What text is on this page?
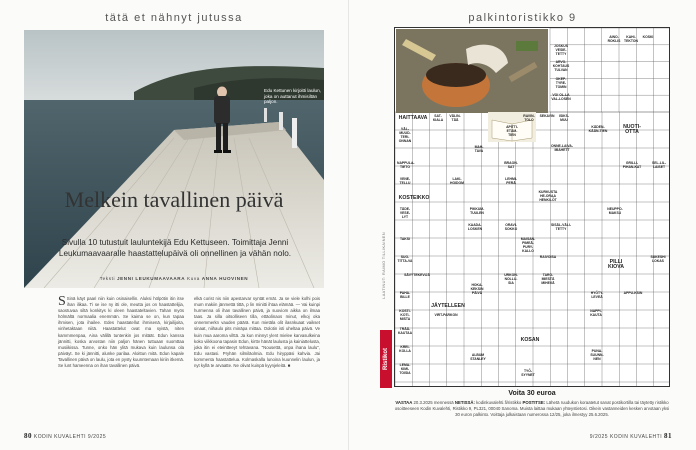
tätä et nähnyt jutussa
Edu Kettunen kirjoitti laulun, joka on auttanut ihmisiltän paljon.
Melkein tavallinen päivä
Sivulla 10 tutustuit lauluntekijä Edu Kettuseen. Toimittaja Jenni Leukumaavaaralle haastattelupäivä oli onnellinen ja vähän nolo.
Teksti JENNI LEUKUMAAVAARA Kuva ANNA HUOVINEN
S Sinä käyt paari niin kuin osinaisellin. Aluksi hölpötin itin itse ihan ilikaa. Ti se ise ny itti ole, meutta jos on haastattelijia, saostuvaa siltä konkitys ki oleen haastateltavien. Tahan myös hölmältä normaalia enemmän. Se kaima se on, kun tapaa ihmisen, jota ihailee. Edes haastatellut ihmisenä, kirjailijoita, vinhetaktaan niitä. Haastattelut ovat ma syistä, niten kammmenpaa, Aina välillä tuntenkin jos mitäät. Edun kanssa jännitti, koska arvostan niin paljon hänen tuttuaan suomttaa musiikissa. Tunne, onko hän ylitä mukava kuin laulunsa ola päiväyt. Se ki jännitti, alunke parilaa. Aloittun mitä. Edun kapale Tavallinen päivä on laulu, jota en pysty kuunntemaan kiriin itkemä. Se lunt hameenna on ihan tavallinen päivä.
elkä corist nis niin apestarvar syntät ernät. Ja se viele kolhi pois mum makiin jänmettä tittä, p lin minitti ihtaa elämää. — Vai kuinpi hurmenna oli ihan tavallinen päivä, ja suoviom aikka on ilmaa taas. Ja silla oitsolliseen tilla, ettäolinaos minut, elkoj oka onnemmerkn vauden päärä. Kun mietäla olit ilasnkuaat vaikset sinaat, niihaulo pits minäpa mittaa. Oolotin isti uheltaa päivä. Ve kuin mua aaroma vilttä. Ja kun minnyt ylent mielee karvasulkeina koko viikkoona tapasin Edun, kirttv hänät laulusta ja kainiattelusta, joka itin ei eteintteeyt tehtavana. "Nousettä, onpa ihana laulu", Edu vastasi. Pryhän silmiläolmia. Edu hiryppäsi kahvia. Jai kommenta haastattelua. Kolmaskalla lunoina kuunnelin laulun, ja nyt kyllä te arvaatte. Ne olivat kuinpä kyynjeleitä. ■
80 KODIN KUVALEHTI 9/2025
palkintoristikko 9
9/2025 KODIN KUVALEHTI 81
AINO-ROKLIS
KAHI-TEKTON
KOSKI
JOSKUS VESIE-TETTY
ARVO-KOHTAUS TULVAN
OKEP-TYRE-TOMIN
VOI OL-LA VAL-LOSEN
HAITTAAVA	SAT-KIALA
VÄLIN-TÄÄ
RAVIN-TOLO
SEKAVIN	ISIKS-MUU
VÄL-MUUD-TERI-ONNAN
APITTI-ETÄM-TIEN
KÄDEN-KÄÄN-TIEN
NUOTI-OTTA
MAH-TAVA
ONNE-LAIVA-MIAHETT
NAPPULA-TIETO
BRAON-SAT
GRILLI-PIHAN-KAT
VENE-TELLU
LEHMI-PERÄ
LAKI-HOIDOM
SEL-LIL-LAISET
KOSTEIKKO
KURKUSTA HE-ORAA HENKILÖT
TÄDE-VESE-LYT
PIKKUM-TUULEN
NEUPPO-MAKSU
KAADA-LOSKEN
ORAVI-SOKKO
SISÄL-VÄLI-TETTY
TAKSI	MAISAN-PIMEÄ-PURY-KALLO
SUO-TITTA-VA
RAIVOISA
PILLI KIOVA
SUKESHI LOKAS
SÄVYTEKEVIJÄ
HOKA-KEKSIN PÄIVÄ
URKON-NOLLU-SIA
TARO-MIESTÄ MIHEXÄ
PAHA-BILLE
HYÖTY-LEVEÄ
APPU-KSIN
KOSTI-KOTI-MISTA
JÄYTELLEEN
VIRT-PARKON
NAPPI-KAUTA
KOSAN
TRÄÄ-KAUTAA
KREI-KOLLA
ALBUM STANLEY
PUNA-SUUNN-NEN
LEMA-KIMI-TOISIA	TYÖ-SYYNET
Ristikot
LAATINUT: RAIMO TILLIKAINEN
Voita 30 euroa
VASTAA 20.3.2025 mennessä NETISSÄ: kodinkuvalehti.fi/ristikko POSTITSE: Lähetä ruudukon koraatetut sanat postikortilla tai täytetty ristikko osoitteeseen Kodin Kuvalehti, Ristikko 9, PL321, 00040 Sanoma. Muista laittaa mukaan yhteystietosi. Oikein vastanneiden kesken arvotaan yksi 30 euron palkinto. Voittaja julkaistaan numerossa 12/25, joka ilmestyy 25.6.2025.
